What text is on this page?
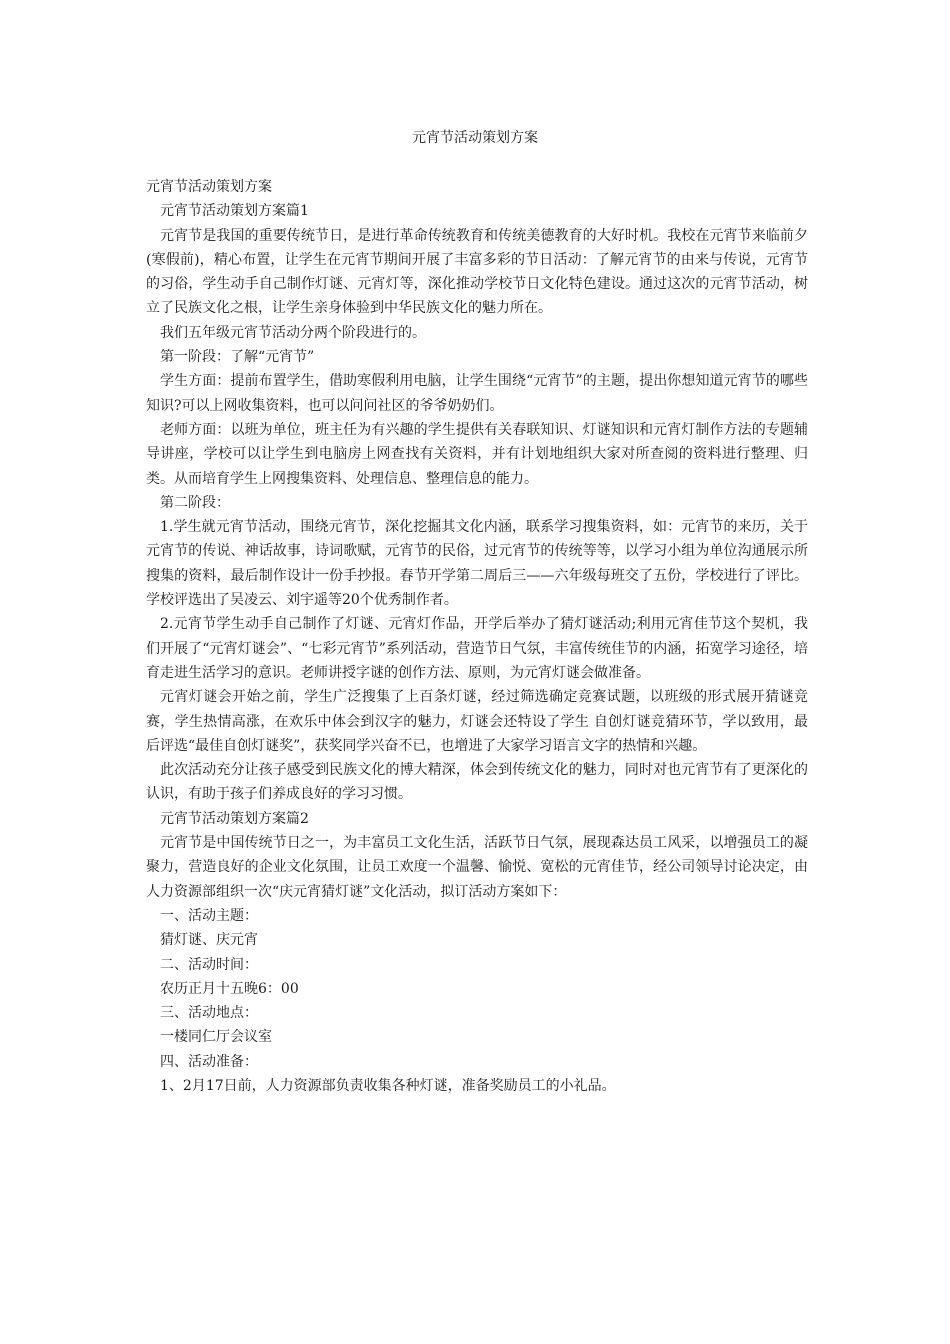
元宵节活动策划方案

元宵节活动策划方案

元宵节活动策划方案篇1

元宵节是我国的重要传统节日，是进行革命传统教育和传统美德教育的大好时机。我校在元宵节来临前夕(寒假前)，精心布置，让学生在元宵节期间开展了丰富多彩的节日活动：了解元宵节的由来与传说，元宵节的习俗，学生动手自己制作灯谜、元宵灯等，深化推动学校节日文化特色建设。通过这次的元宵节活动，树立了民族文化之根，让学生亲身体验到中华民族文化的魅力所在。

我们五年级元宵节活动分两个阶段进行的。

第一阶段：了解“元宵节”

学生方面：提前布置学生，借助寒假利用电脑，让学生围绕“元宵节”的主题，提出你想知道元宵节的哪些知识?可以上网收集资料，也可以问问社区的爷爷奶奶们。

老师方面：以班为单位，班主任为有兴趣的学生提供有关春联知识、灯谜知识和元宵灯制作方法的专题辅导讲座，学校可以让学生到电脑房上网查找有关资料，并有计划地组织大家对所查阅的资料进行整理、归类。从而培育学生上网搜集资料、处理信息、整理信息的能力。

第二阶段：

1.学生就元宵节活动，围绕元宵节，深化挖掘其文化内涵，联系学习搜集资料，如：元宵节的来历，关于元宵节的传说、神话故事，诗词歌赋，元宵节的民俗，过元宵节的传统等等，以学习小组为单位沟通展示所搜集的资料，最后制作设计一份手抄报。春节开学第二周后三——六年级每班交了五份，学校进行了评比。学校评选出了吴凌云、刘宇遥等20个优秀制作者。

2.元宵节学生动手自己制作了灯谜、元宵灯作品，开学后举办了猜灯谜活动;利用元宵佳节这个契机，我们开展了“元宵灯谜会”、“七彩元宵节”系列活动，营造节日气氛，丰富传统佳节的内涵，拓宽学习途径，培育走进生活学习的意识。老师讲授字谜的创作方法、原则，为元宵灯谜会做准备。

元宵灯谜会开始之前，学生广泛搜集了上百条灯谜，经过筛选确定竞赛试题，以班级的形式展开猜谜竞赛，学生热情高涨，在欢乐中体会到汉字的魅力，灯谜会还特设了学生 自创灯谜竞猜环节，学以致用，最后评选“最佳自创灯谜奖”，获奖同学兴奋不已，也增进了大家学习语言文字的热情和兴趣。

此次活动充分让孩子感受到民族文化的博大精深，体会到传统文化的魅力，同时对也元宵节有了更深化的认识，有助于孩子们养成良好的学习习惯。

元宵节活动策划方案篇2

元宵节是中国传统节日之一，为丰富员工文化生活，活跃节日气氛，展现森达员工风采，以增强员工的凝聚力，营造良好的企业文化氛围，让员工欢度一个温馨、愉悦、宽松的元宵佳节，经公司领导讨论决定，由人力资源部组织一次“庆元宵猜灯谜”文化活动，拟订活动方案如下：

一、活动主题：

猜灯谜、庆元宵

二、活动时间：

农历正月十五晚6：00

三、活动地点：

一楼同仁厅会议室

四、活动准备：

1、2月17日前，人力资源部负责收集各种灯谜，准备奖励员工的小礼品。
